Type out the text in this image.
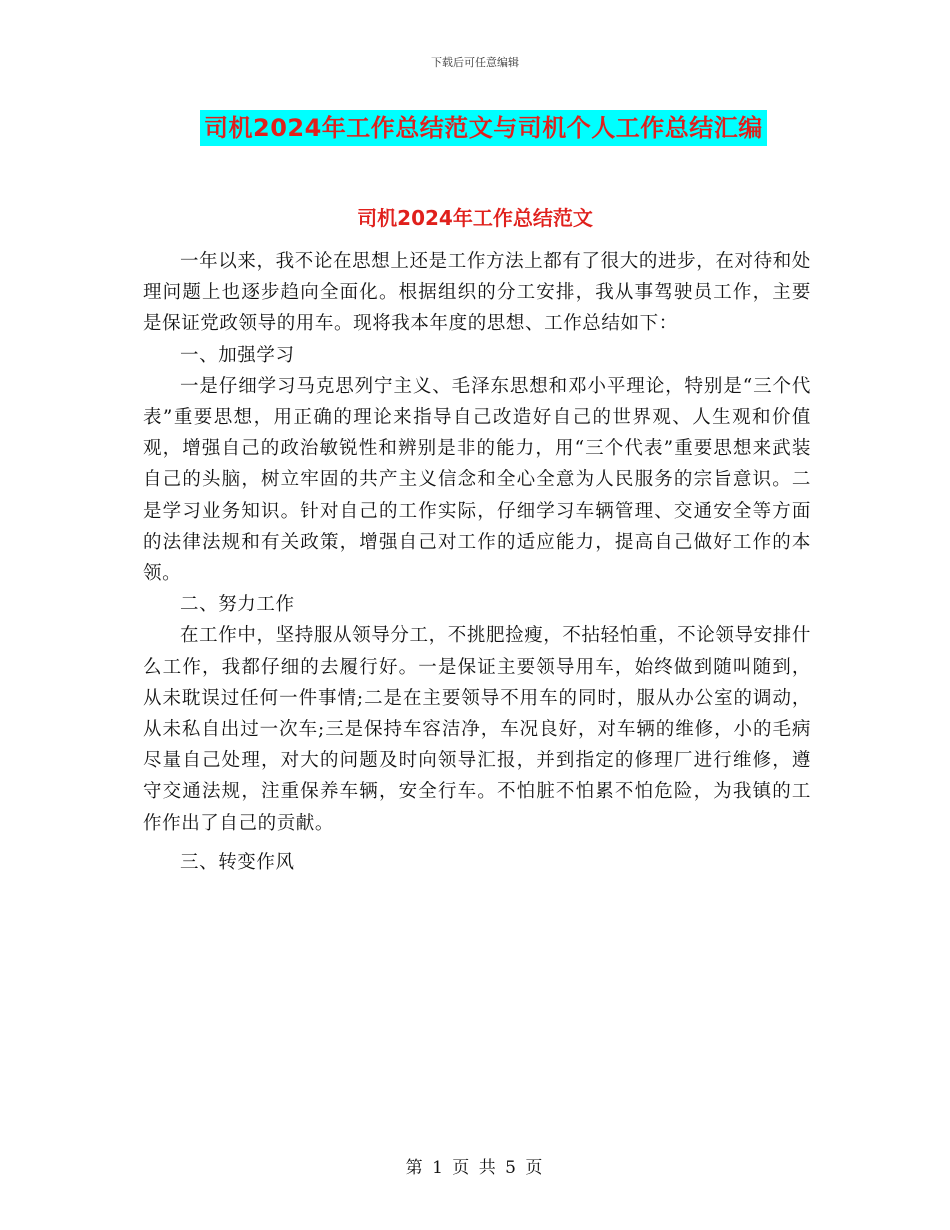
下载后可任意编辑
司机2024年工作总结范文与司机个人工作总结汇编
司机2024年工作总结范文

一年以来，我不论在思想上还是工作方法上都有了很大的进步，在对待和处理问题上也逐步趋向全面化。根据组织的分工安排，我从事驾驶员工作，主要是保证党政领导的用车。现将我本年度的思想、工作总结如下：

一、加强学习

一是仔细学习马克思列宁主义、毛泽东思想和邓小平理论，特别是“三个代表”重要思想，用正确的理论来指导自己改造好自己的世界观、人生观和价值观，增强自己的政治敏锐性和辨别是非的能力，用“三个代表”重要思想来武装自己的头脑，树立牢固的共产主义信念和全心全意为人民服务的宗旨意识。二是学习业务知识。针对自己的工作实际，仔细学习车辆管理、交通安全等方面的法律法规和有关政策，增强自己对工作的适应能力，提高自己做好工作的本领。

二、努力工作

在工作中，坚持服从领导分工，不挑肥捡瘦，不拈轻怕重，不论领导安排什么工作，我都仔细的去履行好。一是保证主要领导用车，始终做到随叫随到，从未耽误过任何一件事情;二是在主要领导不用车的同时，服从办公室的调动，从未私自出过一次车;三是保持车容洁净，车况良好，对车辆的维修，小的毛病尽量自己处理，对大的问题及时向领导汇报，并到指定的修理厂进行维修，遵守交通法规，注重保养车辆，安全行车。不怕脏不怕累不怕危险，为我镇的工作作出了自己的贡献。

三、转变作风

第 1 页 共 5 页
